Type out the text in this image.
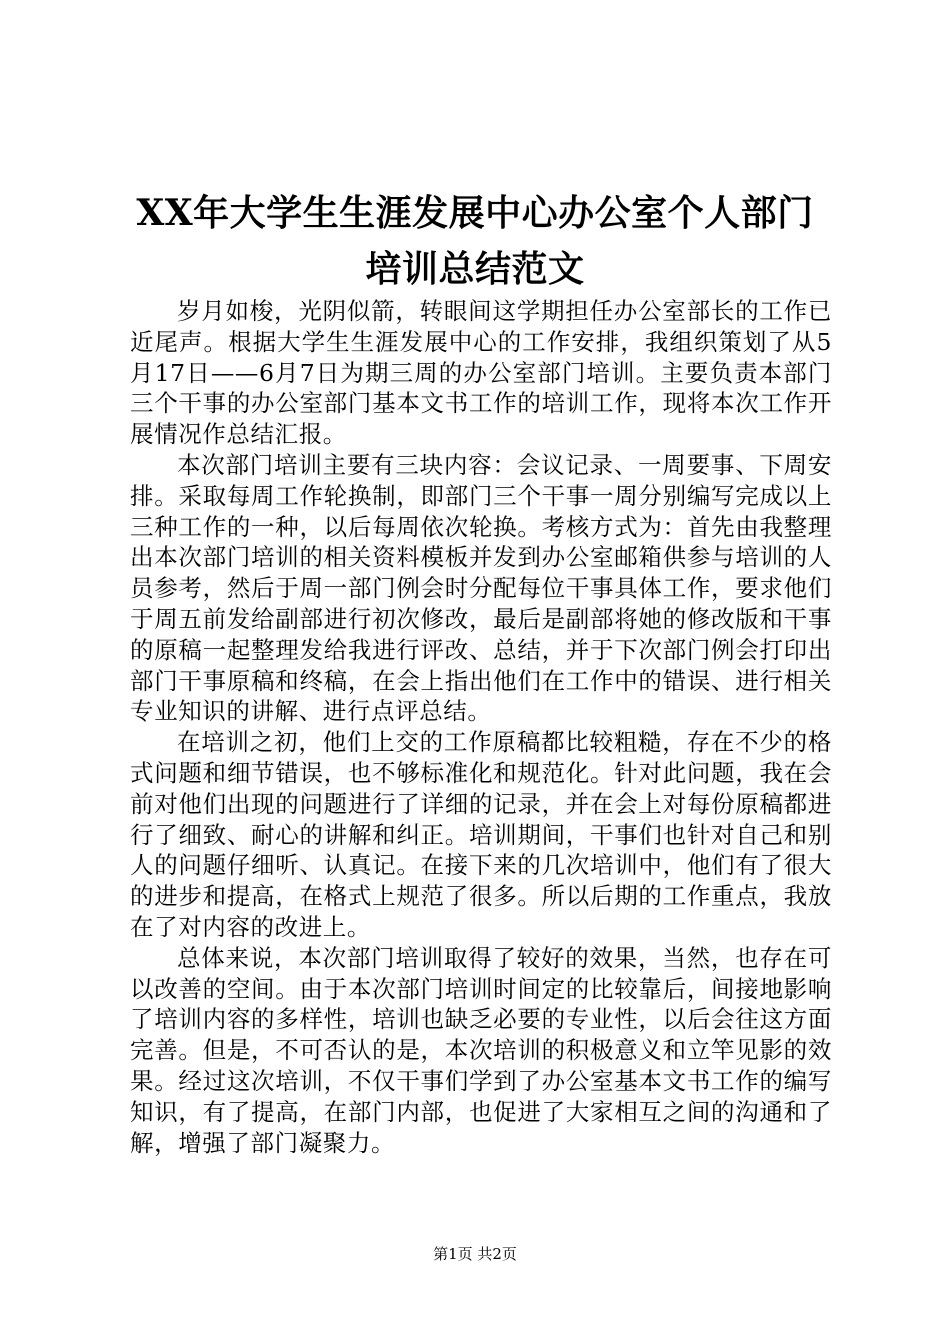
XX年大学生生涯发展中心办公室个人部门培训总结范文

岁月如梭，光阴似箭，转眼间这学期担任办公室部长的工作已近尾声。根据大学生生涯发展中心的工作安排，我组织策划了从5月17日——6月7日为期三周的办公室部门培训。主要负责本部门三个干事的办公室部门基本文书工作的培训工作，现将本次工作开展情况作总结汇报。

本次部门培训主要有三块内容：会议记录、一周要事、下周安排。采取每周工作轮换制，即部门三个干事一周分别编写完成以上三种工作的一种，以后每周依次轮换。考核方式为：首先由我整理出本次部门培训的相关资料模板并发到办公室邮箱供参与培训的人员参考，然后于周一部门例会时分配每位干事具体工作，要求他们于周五前发给副部进行初次修改，最后是副部将她的修改版和干事的原稿一起整理发给我进行评改、总结，并于下次部门例会打印出部门干事原稿和终稿，在会上指出他们在工作中的错误、进行相关专业知识的讲解、进行点评总结。

在培训之初，他们上交的工作原稿都比较粗糙，存在不少的格式问题和细节错误，也不够标准化和规范化。针对此问题，我在会前对他们出现的问题进行了详细的记录，并在会上对每份原稿都进行了细致、耐心的讲解和纠正。培训期间，干事们也针对自己和别人的问题仔细听、认真记。在接下来的几次培训中，他们有了很大的进步和提高，在格式上规范了很多。所以后期的工作重点，我放在了对内容的改进上。

总体来说，本次部门培训取得了较好的效果，当然，也存在可以改善的空间。由于本次部门培训时间定的比较靠后，间接地影响了培训内容的多样性，培训也缺乏必要的专业性，以后会往这方面完善。但是，不可否认的是，本次培训的积极意义和立竿见影的效果。经过这次培训，不仅干事们学到了办公室基本文书工作的编写知识，有了提高，在部门内部，也促进了大家相互之间的沟通和了解，增强了部门凝聚力。

第1页 共2页
